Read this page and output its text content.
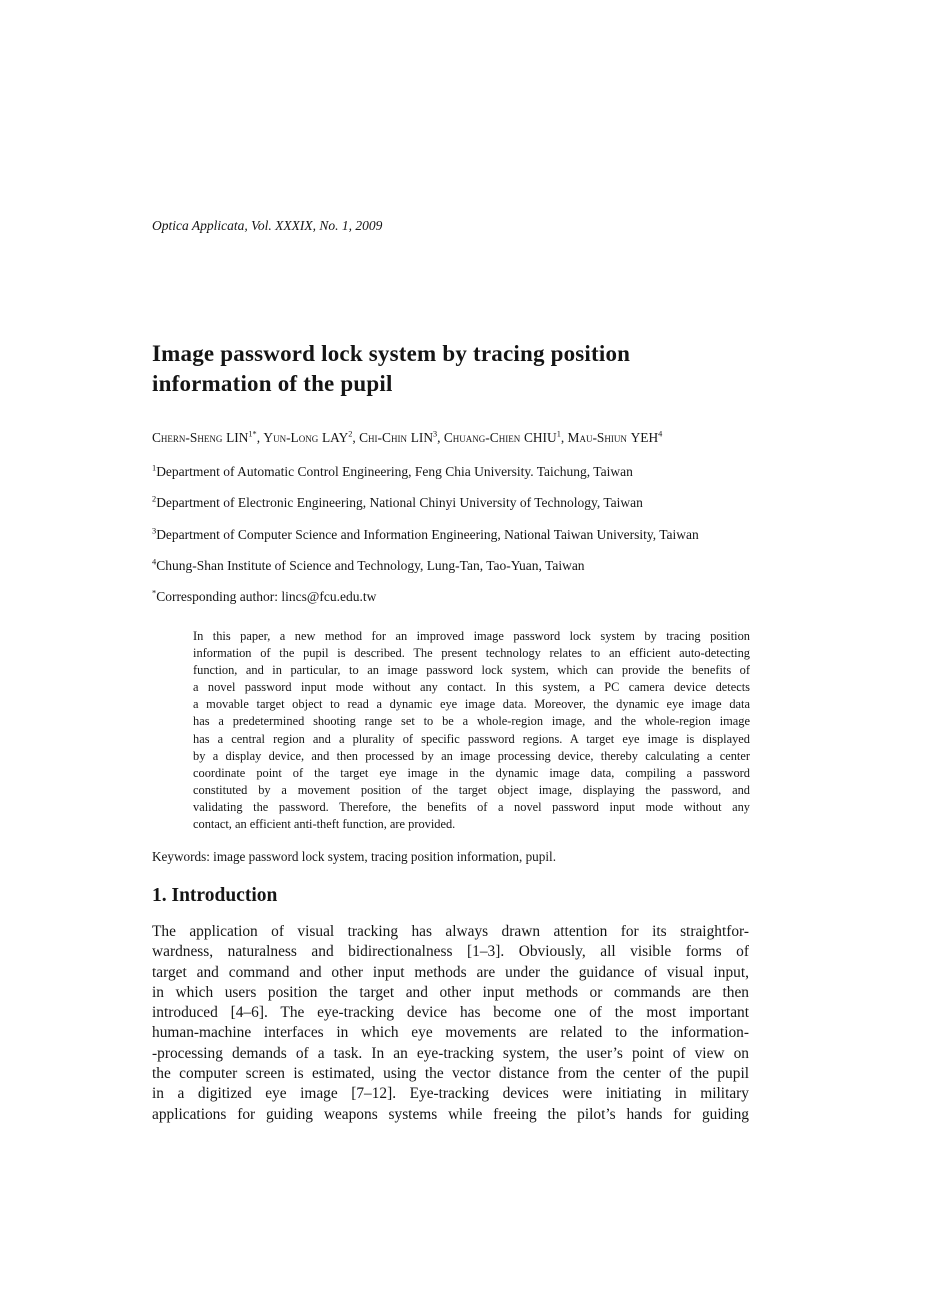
Optica Applicata, Vol. XXXIX, No. 1, 2009
Image password lock system by tracing position
information of the pupil
Chern-Sheng $LIN^{1*}$, Yun-Long LAY$^2$, Chi-Chin LIN$^3$, Chuang-Chien CHIU$^1$, Mau-Shiun YEH$^4$
$^1$Department of Automatic Control Engineering, Feng Chia University. Taichung, Taiwan
$^2$Department of Electronic Engineering, National Chinyi University of Technology, Taiwan
$^3$Department of Computer Science and Information Engineering, National Taiwan University, Taiwan
$^4$Chung-Shan Institute of Science and Technology, Lung-Tan, Tao-Yuan, Taiwan
*Corresponding author: lincs@fcu.edu.tw
In this paper, a new method for an improved image password lock system by tracing position
information of the pupil is described. The present technology relates to an efficient auto-detecting
function, and in particular, to an image password lock system, which can provide the benefits of
a novel password input mode without any contact. In this system, a PC camera device detects
a movable target object to read a dynamic eye image data. Moreover, the dynamic eye image data
has a predetermined shooting range set to be a whole-region image, and the whole-region image
has a central region and a plurality of specific password regions. A target eye image is displayed
by a display device, and then processed by an image processing device, thereby calculating a center
coordinate point of the target eye image in the dynamic image data, compiling a password
constituted by a movement position of the target object image, displaying the password, and
validating the password. Therefore, the benefits of a novel password input mode without any
contact, an efficient anti-theft function, are provided.
Keywords: image password lock system, tracing position information, pupil.
1. Introduction
The application of visual tracking has always drawn attention for its straightfor-
wardness, naturalness and bidirectionalness [1–3]. Obviously, all visible forms of
target and command and other input methods are under the guidance of visual input,
in which users position the target and other input methods or commands are then
introduced [4–6]. The eye-tracking device has become one of the most important
human-machine interfaces in which eye movements are related to the information-
-processing demands of a task. In an eye-tracking system, the user’s point of view on
the computer screen is estimated, using the vector distance from the center of the pupil
in a digitized eye image [7–12]. Eye-tracking devices were initiating in military
applications for guiding weapons systems while freeing the pilot’s hands for guiding
